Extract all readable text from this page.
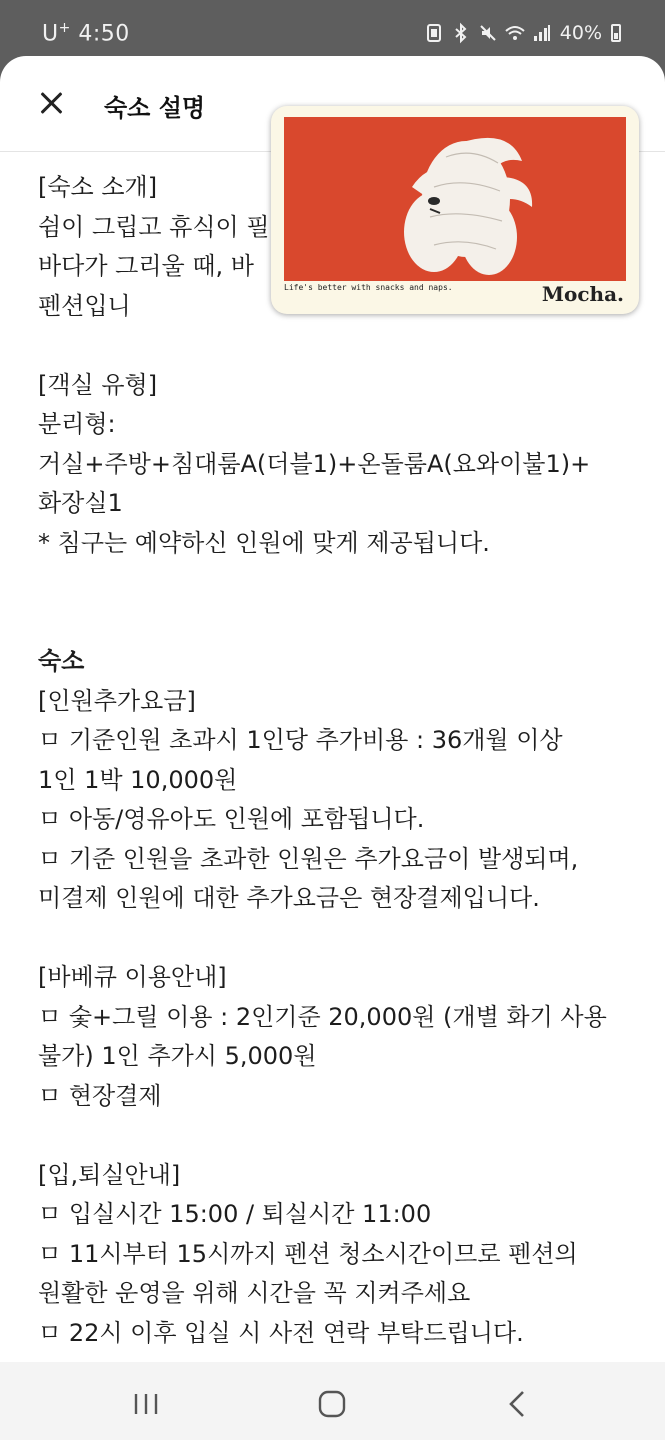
U+ 4:50	40%
숙소 설명
[숙소 소개]
쉼이 그립고 휴식이 필
바다가 그리울 때, 바
펜션입니
[객실 유형]
분리형:
거실+주방+침대룸A(더블1)+온돌룸A(요와이불1)+
화장실1
* 침구는 예약하신 인원에 맞게 제공됩니다.
숙소
[인원추가요금]
ㅁ 기준인원 초과시 1인당 추가비용 : 36개월 이상
1인 1박 10,000원
ㅁ 아동/영유아도 인원에 포함됩니다.
ㅁ 기준 인원을 초과한 인원은 추가요금이 발생되며,
미결제 인원에 대한 추가요금은 현장결제입니다.
[바베큐 이용안내]
ㅁ 숯+그릴 이용 : 2인기준 20,000원 (개별 화기 사용
불가) 1인 추가시 5,000원
ㅁ 현장결제
[입,퇴실안내]
ㅁ 입실시간 15:00 / 퇴실시간 11:00
ㅁ 11시부터 15시까지 펜션 청소시간이므로 펜션의
원활한 운영을 위해 시간을 꼭 지켜주세요
ㅁ 22시 이후 입실 시 사전 연락 부탁드립니다.
Life's better with snacks and naps.	Mocha.
